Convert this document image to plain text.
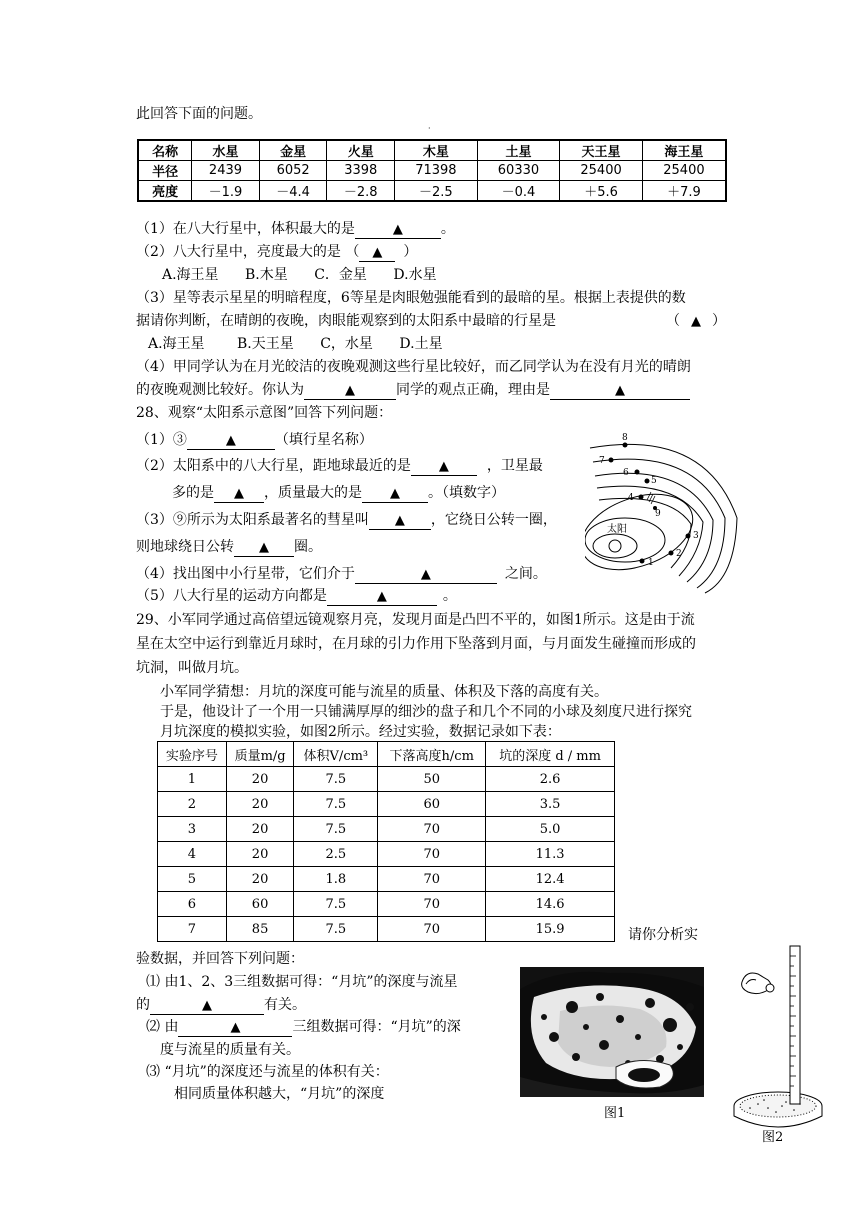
此回答下面的问题。
·
名称	水星	金星	火星	木星	土星	天王星	海王星
半径	2439	6052	3398	71398	60330	25400	25400
亮度	－1.9	－4.4	－2.8	－2.5	－0.4	＋5.6	＋7.9
（1）在八大行星中，体积最大的是	▲	。
（2）八大行星中，亮度最大的是 （ ▲ ）
A.海王星 B.木星 C．金星 D.水星
（3）星等表示星星的明暗程度，6等星是肉眼勉强能看到的最暗的星。根据上表提供的数
据请你判断，在晴朗的夜晚，肉眼能观察到的太阳系中最暗的行星是	（ ▲ ）
A.海王星 B.天王星 C，水星 D.土星
（4）甲同学认为在月光皎洁的夜晚观测这些行星比较好，而乙同学认为在没有月光的晴朗
的夜晚观测比较好。你认为	▲	同学的观点正确，理由是	▲
28、观察“太阳系示意图”回答下列问题：
（1）③	▲	（填行星名称）
（2）太阳系中的八大行星，距地球最近的是 ▲	，卫星最
多的是 ▲ ，质量最大的是 ▲ 。（填数字）
（3）⑨所示为太阳系最著名的彗星叫 ▲ ，它绕日公转一圈，
则地球绕日公转 ▲ 圈。
（4）找出图中小行星带，它们介于	▲	之间。
（5）八大行星的运动方向都是	▲	。
太阳
1
2
3
4
5
6
7
8
9
29、小军同学通过高倍望远镜观察月亮，发现月面是凸凹不平的，如图1所示。这是由于流
星在太空中运行到靠近月球时，在月球的引力作用下坠落到月面，与月面发生碰撞而形成的
坑洞，叫做月坑。
小军同学猜想：月坑的深度可能与流星的质量、体积及下落的高度有关。
于是，他设计了一个用一只铺满厚厚的细沙的盘子和几个不同的小球及刻度尺进行探究
月坑深度的模拟实验，如图2所示。经过实验，数据记录如下表：
实验序号	质量m/g	体积V/cm³	下落高度h/cm	坑的深度 d / mm
1	20	7.5	50	2.6
2	20	7.5	60	3.5
3	20	7.5	70	5.0
4	20	2.5	70	11.3
5	20	1.8	70	12.4
6	60	7.5	70	14.6
7	85	7.5	70	15.9	请你分析实
验数据，并回答下列问题：
⑴ 由1、2、3三组数据可得：“月坑”的深度与流星
的	▲	有关。
⑵ 由	▲	三组数据可得：“月坑”的深
度与流星的质量有关。
⑶ “月坑”的深度还与流星的体积有关：
相同质量体积越大，“月坑”的深度
图1
图2
